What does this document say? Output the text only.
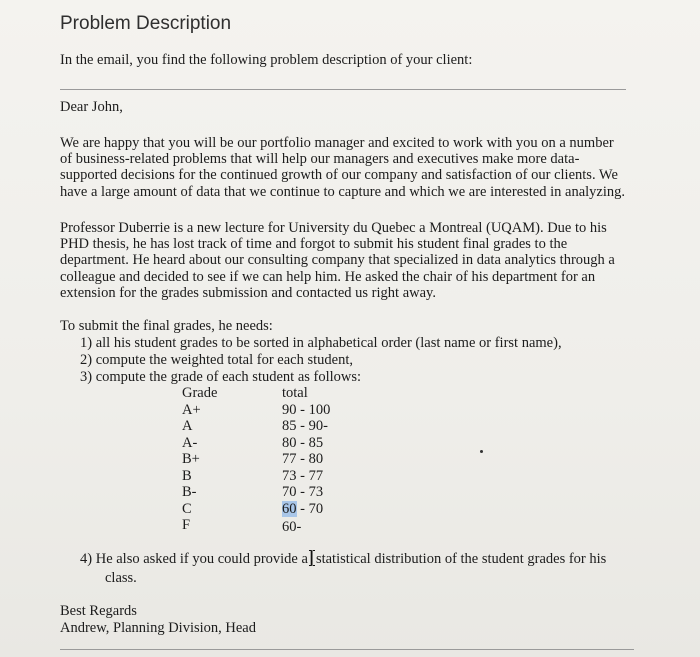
Problem Description
In the email, you find the following problem description of your client:
Dear John,
We are happy that you will be our portfolio manager and excited to work with you on a number
of business-related problems that will help our managers and executives make more data-
supported decisions for the continued growth of our company and satisfaction of our clients. We
have a large amount of data that we continue to capture and which we are interested in analyzing.
Professor Duberrie is a new lecture for University du Quebec a Montreal (UQAM). Due to his
PHD thesis, he has lost track of time and forgot to submit his student final grades to the
department. He heard about our consulting company that specialized in data analytics through a
colleague and decided to see if we can help him. He asked the chair of his department for an
extension for the grades submission and contacted us right away.
To submit the final grades, he needs:
1) all his student grades to be sorted in alphabetical order (last name or first name),
2) compute the weighted total for each student,
3) compute the grade of each student as follows:
Grade
A+
A
A-
B+
B
B-
C
F
total
90 - 100
85 - 90-
80 - 85
77 - 80
73 - 77
70 - 73
60 - 70
60-
4) He also asked if you could provide a statistical distribution of the student grades for his
class.
Best Regards
Andrew, Planning Division, Head
